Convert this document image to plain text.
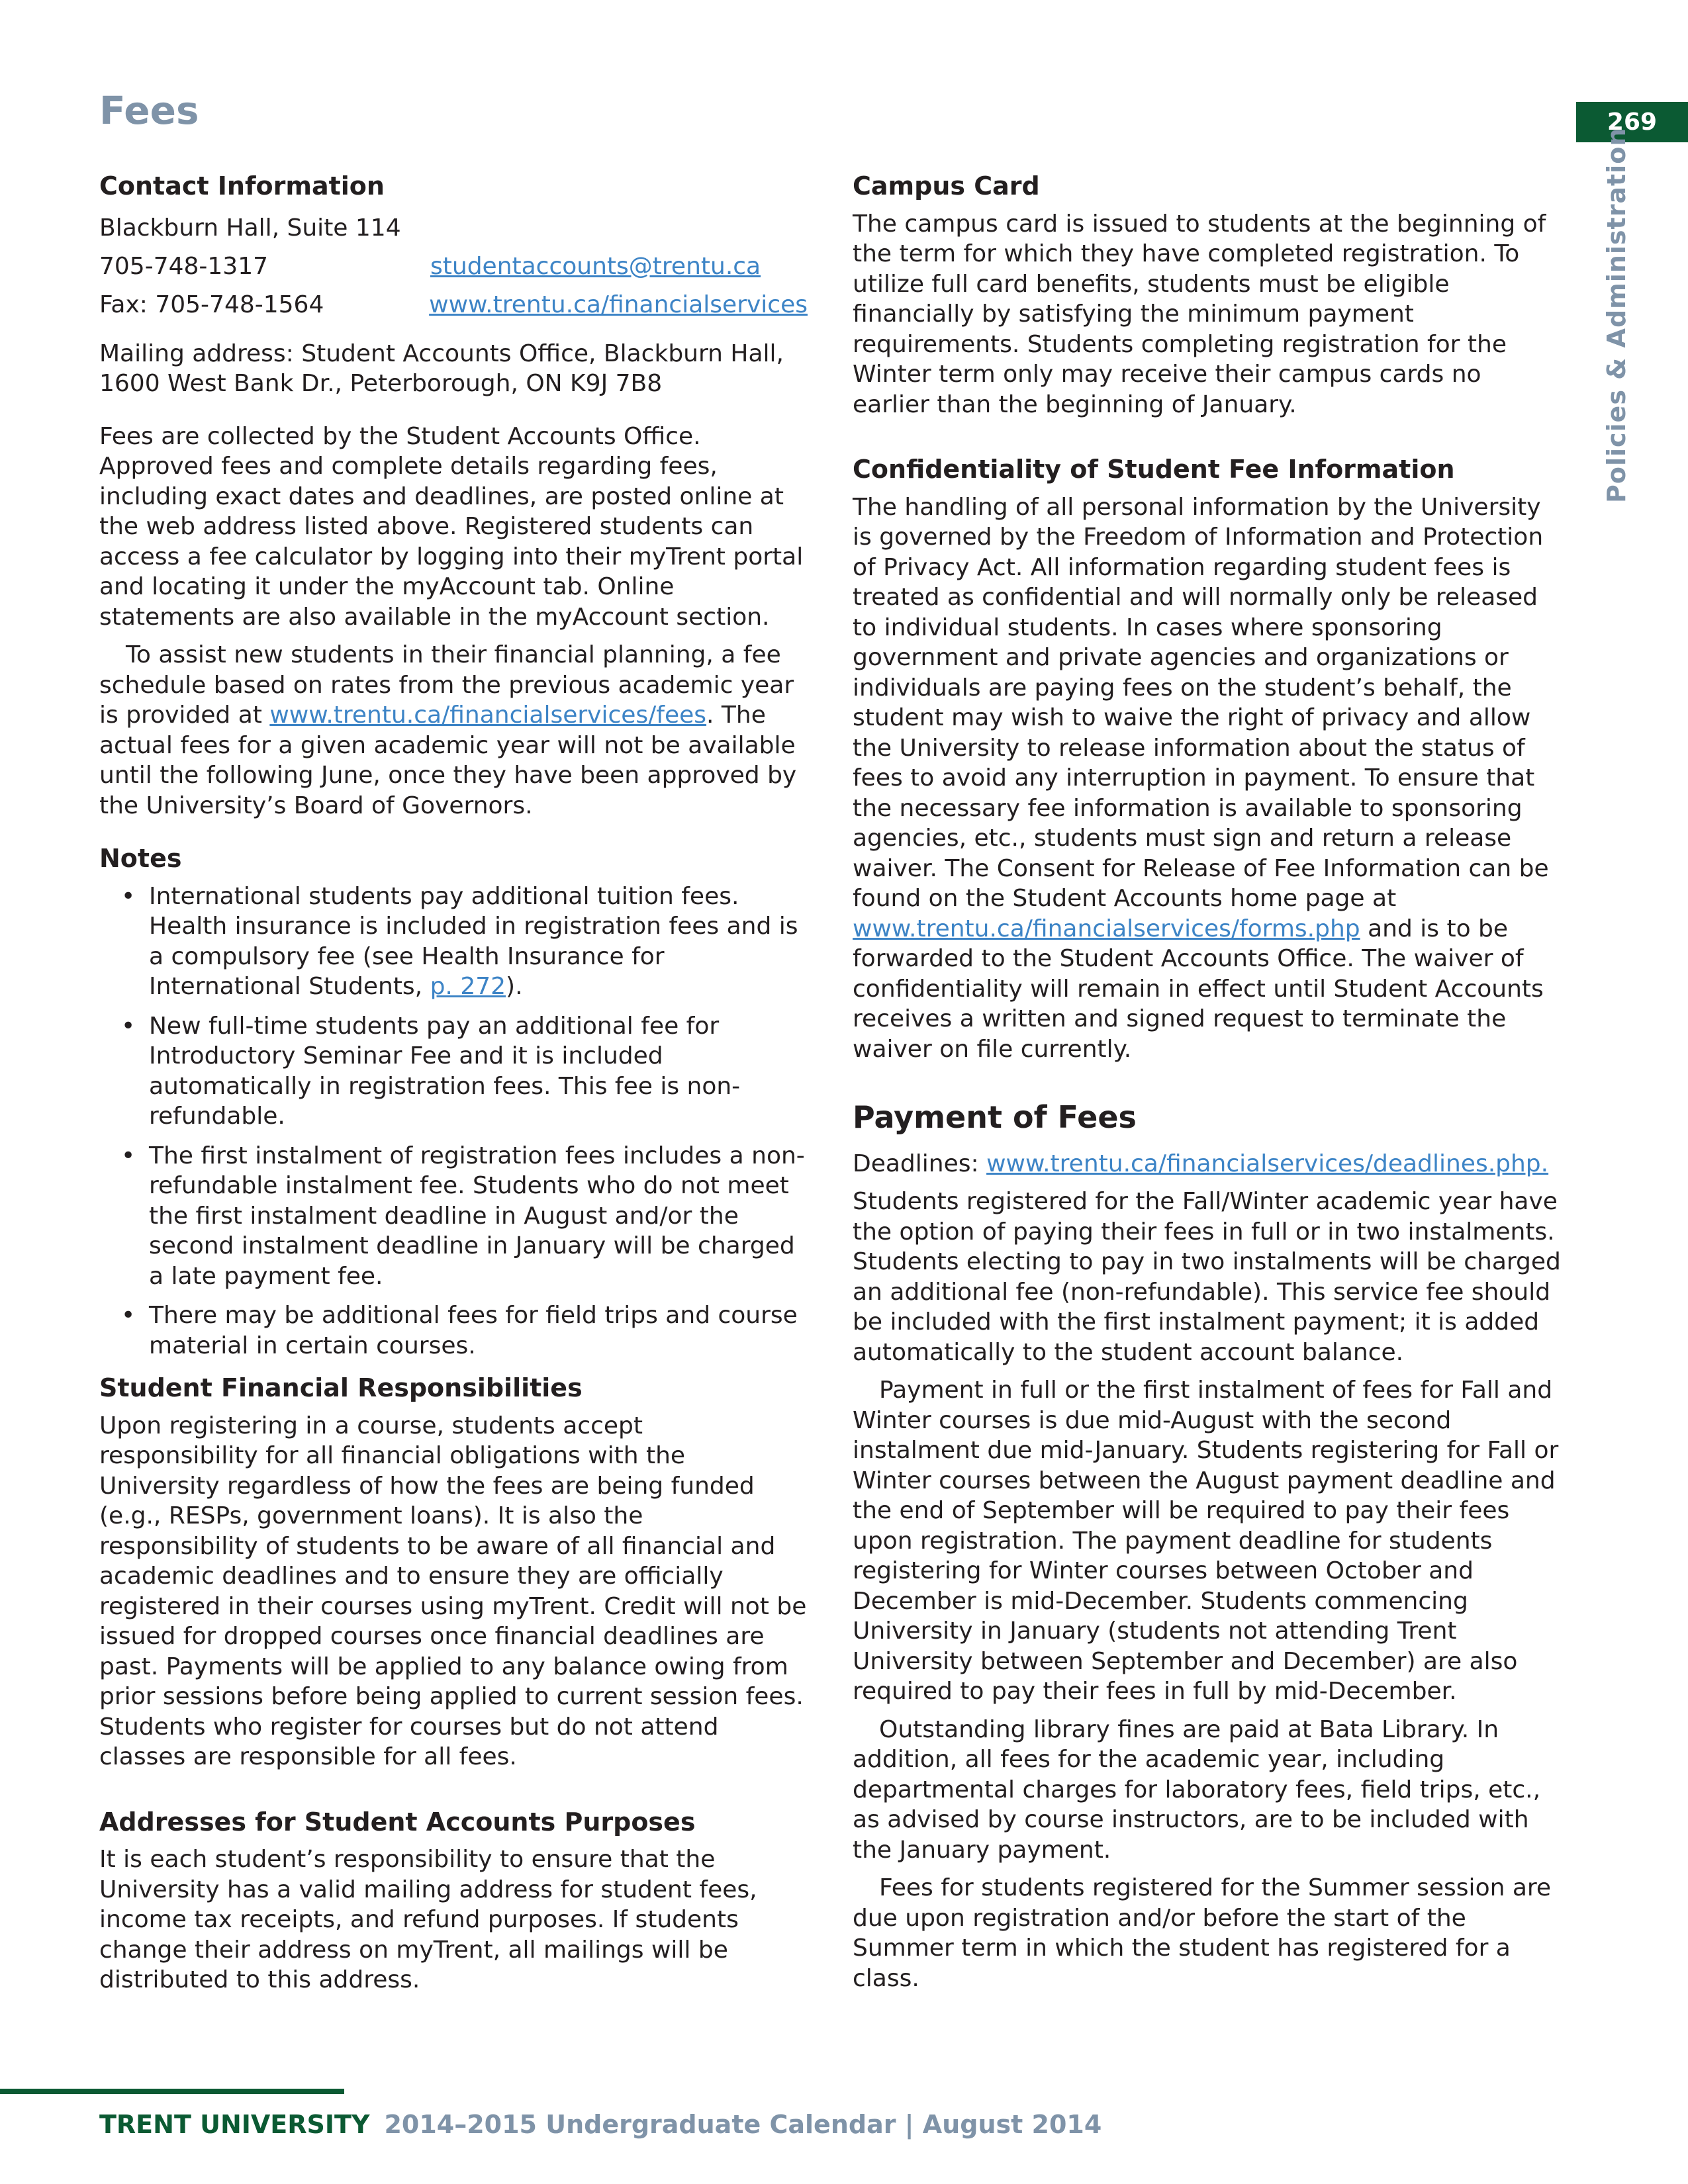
Fees	269

Policies & Administration

Contact Information
Blackburn Hall, Suite 114
705-748-1317	studentaccounts@trentu.ca
Fax: 705-748-1564	www.trentu.ca/financialservices

Mailing address: Student Accounts Office, Blackburn Hall, 1600 West Bank Dr., Peterborough, ON K9J 7B8

Fees are collected by the Student Accounts Office. Approved fees and complete details regarding fees, including exact dates and deadlines, are posted online at the web address listed above. Registered students can access a fee calculator by logging into their myTrent portal and locating it under the myAccount tab. Online statements are also available in the myAccount section.

To assist new students in their financial planning, a fee schedule based on rates from the previous academic year is provided at www.trentu.ca/financialservices/fees. The actual fees for a given academic year will not be available until the following June, once they have been approved by the University’s Board of Governors.

Notes
• International students pay additional tuition fees. Health insurance is included in registration fees and is a compulsory fee (see Health Insurance for International Students, p. 272).
• New full-time students pay an additional fee for Introductory Seminar Fee and it is included automatically in registration fees. This fee is non-refundable.
• The first instalment of registration fees includes a non-refundable instalment fee. Students who do not meet the first instalment deadline in August and/or the second instalment deadline in January will be charged a late payment fee.
• There may be additional fees for field trips and course material in certain courses.
Student Financial Responsibilities

Upon registering in a course, students accept responsibility for all financial obligations with the University regardless of how the fees are being funded (e.g., RESPs, government loans). It is also the responsibility of students to be aware of all financial and academic deadlines and to ensure they are officially registered in their courses using myTrent. Credit will not be issued for dropped courses once financial deadlines are past. Payments will be applied to any balance owing from prior sessions before being applied to current session fees. Students who register for courses but do not attend classes are responsible for all fees.

Addresses for Student Accounts Purposes

It is each student’s responsibility to ensure that the University has a valid mailing address for student fees, income tax receipts, and refund purposes. If students change their address on myTrent, all mailings will be distributed to this address.

Campus Card

The campus card is issued to students at the beginning of the term for which they have completed registration. To utilize full card benefits, students must be eligible financially by satisfying the minimum payment requirements. Students completing registration for the Winter term only may receive their campus cards no earlier than the beginning of January.

Confidentiality of Student Fee Information

The handling of all personal information by the University is governed by the Freedom of Information and Protection of Privacy Act. All information regarding student fees is treated as confidential and will normally only be released to individual students. In cases where sponsoring government and private agencies and organizations or individuals are paying fees on the student’s behalf, the student may wish to waive the right of privacy and allow the University to release information about the status of fees to avoid any interruption in payment. To ensure that the necessary fee information is available to sponsoring agencies, etc., students must sign and return a release waiver. The Consent for Release of Fee Information can be found on the Student Accounts home page at www.trentu.ca/financialservices/forms.php and is to be forwarded to the Student Accounts Office. The waiver of confidentiality will remain in effect until Student Accounts receives a written and signed request to terminate the waiver on file currently.

Payment of Fees

Deadlines: www.trentu.ca/financialservices/deadlines.php.

Students registered for the Fall/Winter academic year have the option of paying their fees in full or in two instalments. Students electing to pay in two instalments will be charged an additional fee (non-refundable). This service fee should be included with the first instalment payment; it is added automatically to the student account balance.

Payment in full or the first instalment of fees for Fall and Winter courses is due mid-August with the second instalment due mid-January. Students registering for Fall or Winter courses between the August payment deadline and the end of September will be required to pay their fees upon registration. The payment deadline for students registering for Winter courses between October and December is mid-December. Students commencing University in January (students not attending Trent University between September and December) are also required to pay their fees in full by mid-December.

Outstanding library fines are paid at Bata Library. In addition, all fees for the academic year, including departmental charges for laboratory fees, field trips, etc., as advised by course instructors, are to be included with the January payment.

Fees for students registered for the Summer session are due upon registration and/or before the start of the Summer term in which the student has registered for a class.

TRENT UNIVERSITY 2014–2015 Undergraduate Calendar | August 2014
